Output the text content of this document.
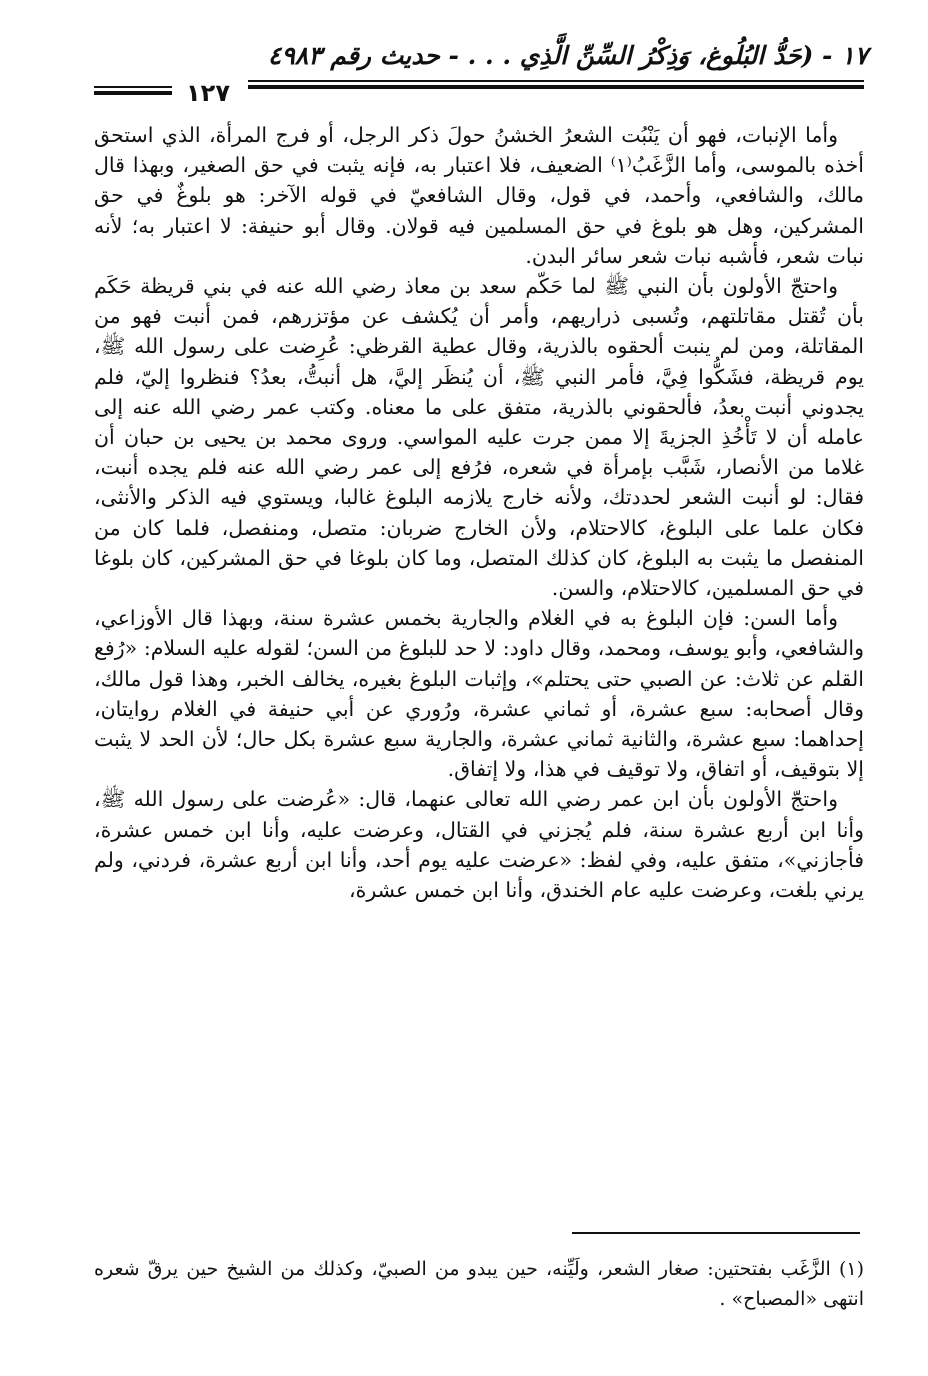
١٧ - (حَدُّ البُلُوغ، وَذِكْرُ السِّنِّ الَّذِي . . . - حديث رقم ٤٩٨٣
١٢٧

وأما الإنبات، فهو أن يَنْبُت الشعرُ الخشنُ حولَ ذكر الرجل، أو فرج المرأة، الذي استحق أخذه بالموسى، وأما الزَّغَبُ⁽١⁾ الضعيف، فلا اعتبار به، فإنه يثبت في حق الصغير، وبهذا قال مالك، والشافعي، وأحمد، في قول، وقال الشافعيّ في قوله الآخر: هو بلوغٌ في حق المشركين، وهل هو بلوغ في حق المسلمين فيه قولان. وقال أبو حنيفة: لا اعتبار به؛ لأنه نبات شعر، فأشبه نبات شعر سائر البدن.

واحتجّ الأولون بأن النبي ﷺ لما حَكّم سعد بن معاذ رضي الله عنه في بني قريظة حَكَم بأن تُقتل مقاتلتهم، وتُسبى ذراريهم، وأمر أن يُكشف عن مؤتزرهم، فمن أنبت فهو من المقاتلة، ومن لم ينبت ألحقوه بالذرية، وقال عطية القرظي: عُرِضت على رسول الله ﷺ، يوم قريظة، فشَكُّوا فِيَّ، فأمر النبي ﷺ، أن يُنظَر إليَّ، هل أنبتُّ، بعدُ؟ فنظروا إليّ، فلم يجدوني أنبت بعدُ، فألحقوني بالذرية، متفق على ما معناه. وكتب عمر رضي الله عنه إلى عامله أن لا تَأْخُذِ الجزيةَ إلا ممن جرت عليه المواسي. وروى محمد بن يحيى بن حبان أن غلاما من الأنصار، شَبَّب بإمرأة في شعره، فرُفع إلى عمر رضي الله عنه فلم يجده أنبت، فقال: لو أنبت الشعر لحددتك، ولأنه خارج يلازمه البلوغ غالبا، ويستوي فيه الذكر والأنثى، فكان علما على البلوغ، كالاحتلام، ولأن الخارج ضربان: متصل، ومنفصل، فلما كان من المنفصل ما يثبت به البلوغ، كان كذلك المتصل، وما كان بلوغا في حق المشركين، كان بلوغا في حق المسلمين، كالاحتلام، والسن.

وأما السن: فإن البلوغ به في الغلام والجارية بخمس عشرة سنة، وبهذا قال الأوزاعي، والشافعي، وأبو يوسف، ومحمد، وقال داود: لا حد للبلوغ من السن؛ لقوله عليه السلام: «رُفع القلم عن ثلاث: عن الصبي حتى يحتلم»، وإثبات البلوغ بغيره، يخالف الخبر، وهذا قول مالك، وقال أصحابه: سبع عشرة، أو ثماني عشرة، ورُوري عن أبي حنيفة في الغلام روايتان، إحداهما: سبع عشرة، والثانية ثماني عشرة، والجارية سبع عشرة بكل حال؛ لأن الحد لا يثبت إلا بتوقيف، أو اتفاق، ولا توقيف في هذا، ولا إتفاق.

واحتجّ الأولون بأن ابن عمر رضي الله تعالى عنهما، قال: «عُرضت على رسول الله ﷺ، وأنا ابن أربع عشرة سنة، فلم يُجزني في القتال، وعرضت عليه، وأنا ابن خمس عشرة، فأجازني»، متفق عليه، وفي لفظ: «عرضت عليه يوم أحد، وأنا ابن أربع عشرة، فردني، ولم يرني بلغت، وعرضت عليه عام الخندق، وأنا ابن خمس عشرة،

(١) الزَّغَب بفتحتين: صغار الشعر، ولَيِّنه، حين يبدو من الصبيّ، وكذلك من الشيخ حين يرقّ شعره انتهى «المصباح» .
